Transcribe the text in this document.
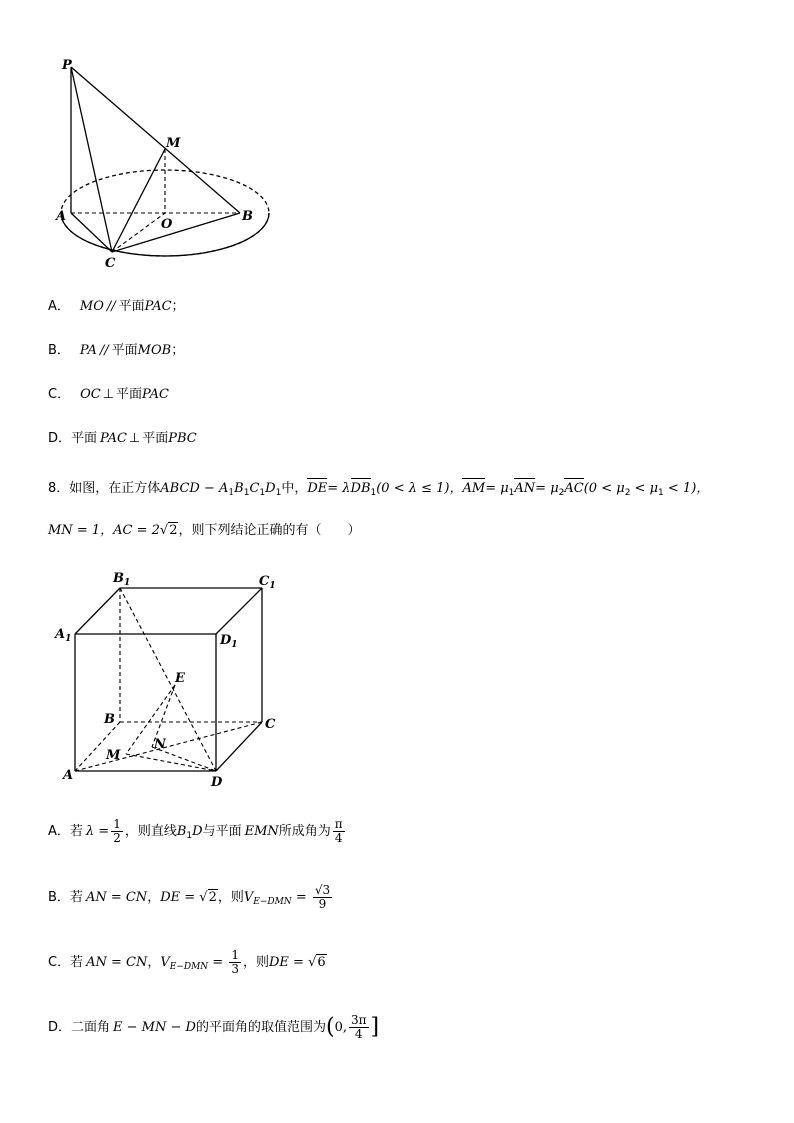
P
M
A
O
B
C
A． MO // 平面PAC；
B． PA // 平面MOB；
C． OC ⊥ 平面PAC
D．平面 PAC ⊥ 平面PBC
8．如图，在正方体ABCD − $A_1B_1C_1D_1$中，DE= λDB$_1$(0 < λ ≤ 1)，$AM= \mu_1AN= \mu_2AC(0 < \mu_2 < \mu_1 < 1)$，
MN = 1，AC = 2√2，则下列结论正确的有（　　）
$B_1$	$C_1$
$A_1$	$D_1$
E
B	C
M
N
A	D
A．若 $\lambda = \frac{1}{2}$ ，则直线$B_1D$与平面 EMN所成角为 $\frac{\pi}{4}$
B．若 AN = CN，DE = √2，则$V_{E-DMN} = \frac{√3}{9}$
C．若 AN = CN，$V_{E-DMN} = \frac{1}{3}$ ，则DE = √6
D．二面角 E − MN − D的平面角的取值范围为(0, $\frac{3\pi}{4}$ ]
